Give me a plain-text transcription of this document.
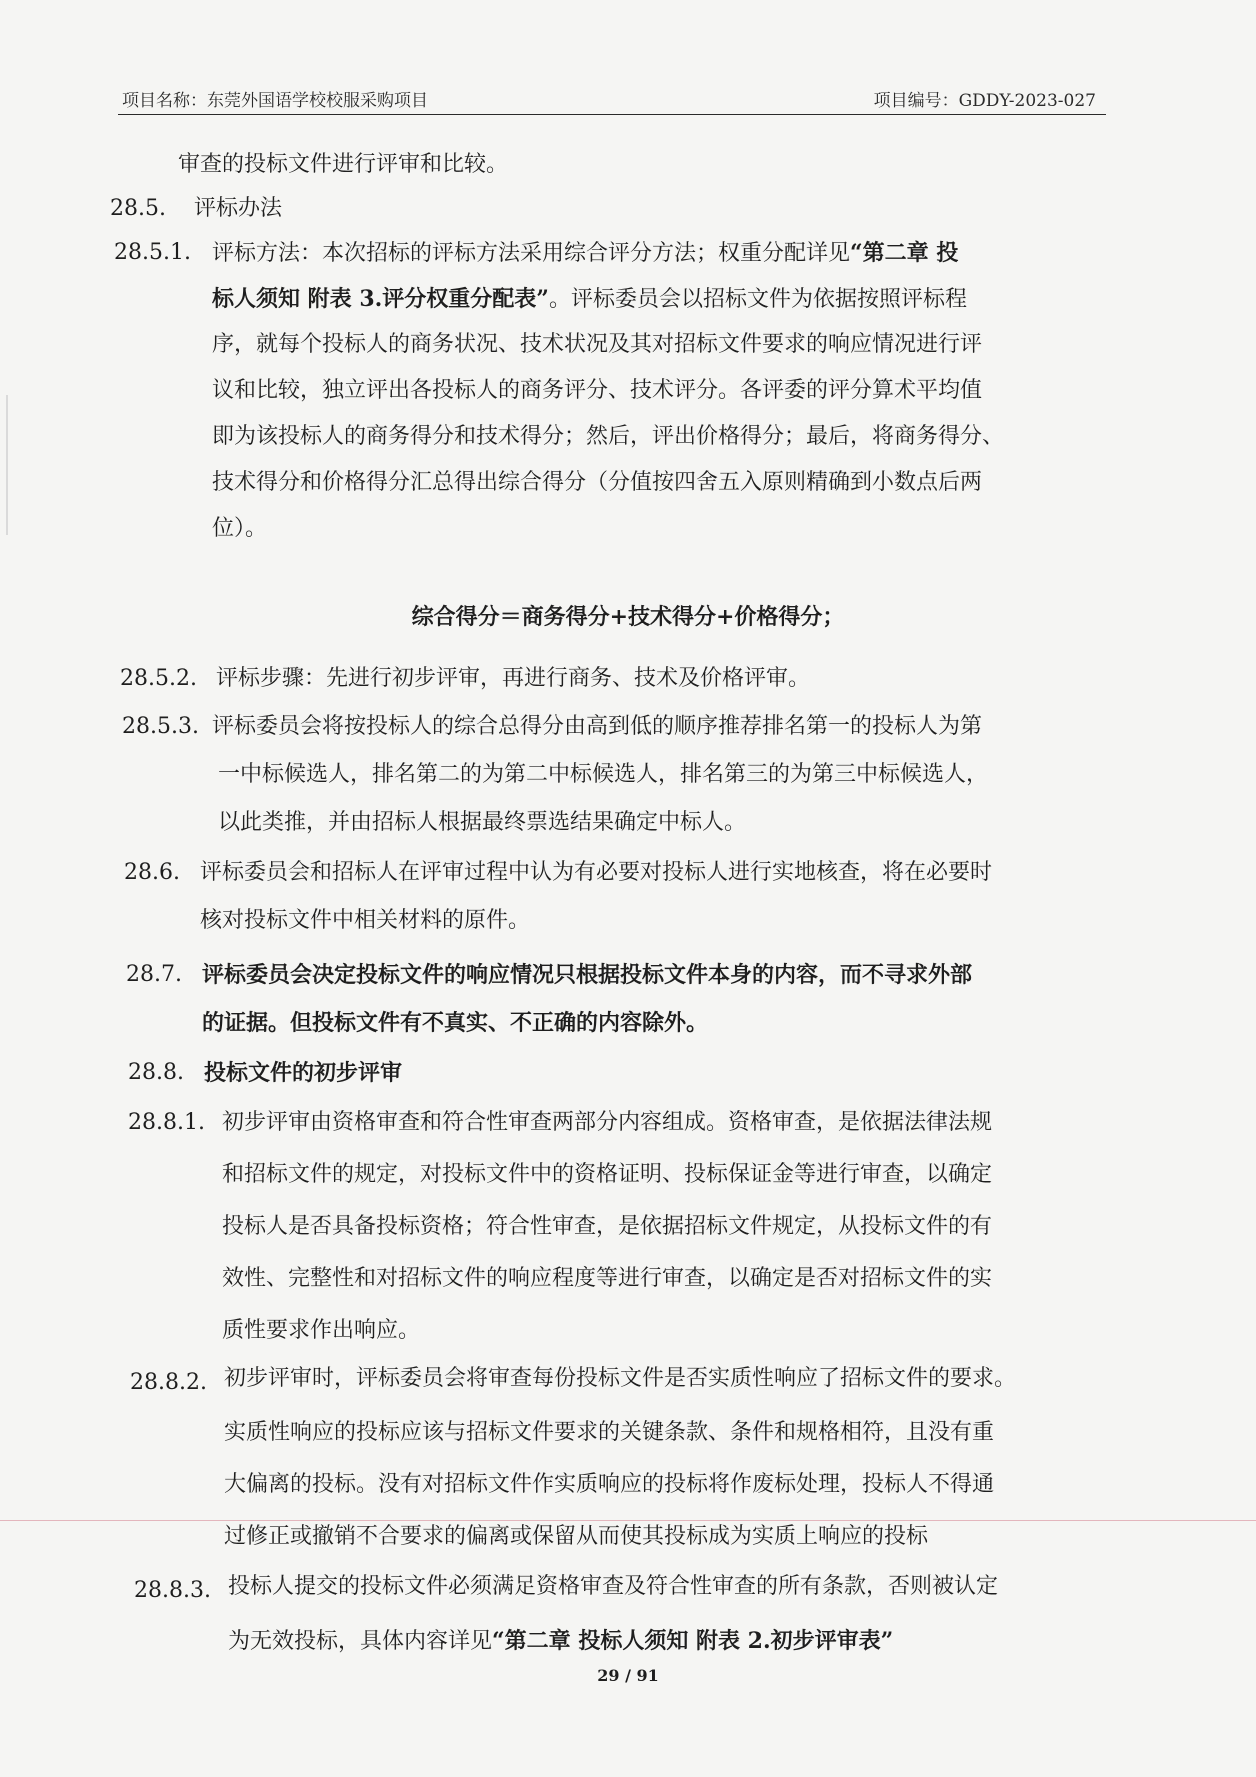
项目名称：东莞外国语学校校服采购项目	项目编号：GDDY-2023-027
审查的投标文件进行评审和比较。
28.5. 评标办法
28.5.1. 评标方法：本次招标的评标方法采用综合评分方法；权重分配详见“第二章 投
标人须知 附表 3.评分权重分配表”。评标委员会以招标文件为依据按照评标程
序，就每个投标人的商务状况、技术状况及其对招标文件要求的响应情况进行评
议和比较，独立评出各投标人的商务评分、技术评分。各评委的评分算术平均值
即为该投标人的商务得分和技术得分；然后，评出价格得分；最后，将商务得分、
技术得分和价格得分汇总得出综合得分（分值按四舍五入原则精确到小数点后两
位）。
综合得分＝商务得分+技术得分+价格得分；
28.5.2. 评标步骤：先进行初步评审，再进行商务、技术及价格评审。
28.5.3. 评标委员会将按投标人的综合总得分由高到低的顺序推荐排名第一的投标人为第
一中标候选人，排名第二的为第二中标候选人，排名第三的为第三中标候选人，
以此类推，并由招标人根据最终票选结果确定中标人。
28.6. 评标委员会和招标人在评审过程中认为有必要对投标人进行实地核查，将在必要时
核对投标文件中相关材料的原件。
28.7. 评标委员会决定投标文件的响应情况只根据投标文件本身的内容，而不寻求外部
的证据。但投标文件有不真实、不正确的内容除外。
28.8. 投标文件的初步评审
28.8.1. 初步评审由资格审查和符合性审查两部分内容组成。资格审查，是依据法律法规
和招标文件的规定，对投标文件中的资格证明、投标保证金等进行审查，以确定
投标人是否具备投标资格；符合性审查，是依据招标文件规定，从投标文件的有
效性、完整性和对招标文件的响应程度等进行审查，以确定是否对招标文件的实
质性要求作出响应。
28.8.2. 初步评审时，评标委员会将审查每份投标文件是否实质性响应了招标文件的要求。
实质性响应的投标应该与招标文件要求的关键条款、条件和规格相符，且没有重
大偏离的投标。没有对招标文件作实质响应的投标将作废标处理，投标人不得通
过修正或撤销不合要求的偏离或保留从而使其投标成为实质上响应的投标
28.8.3. 投标人提交的投标文件必须满足资格审查及符合性审查的所有条款，否则被认定
为无效投标，具体内容详见“第二章 投标人须知 附表 2.初步评审表”
29 / 91
